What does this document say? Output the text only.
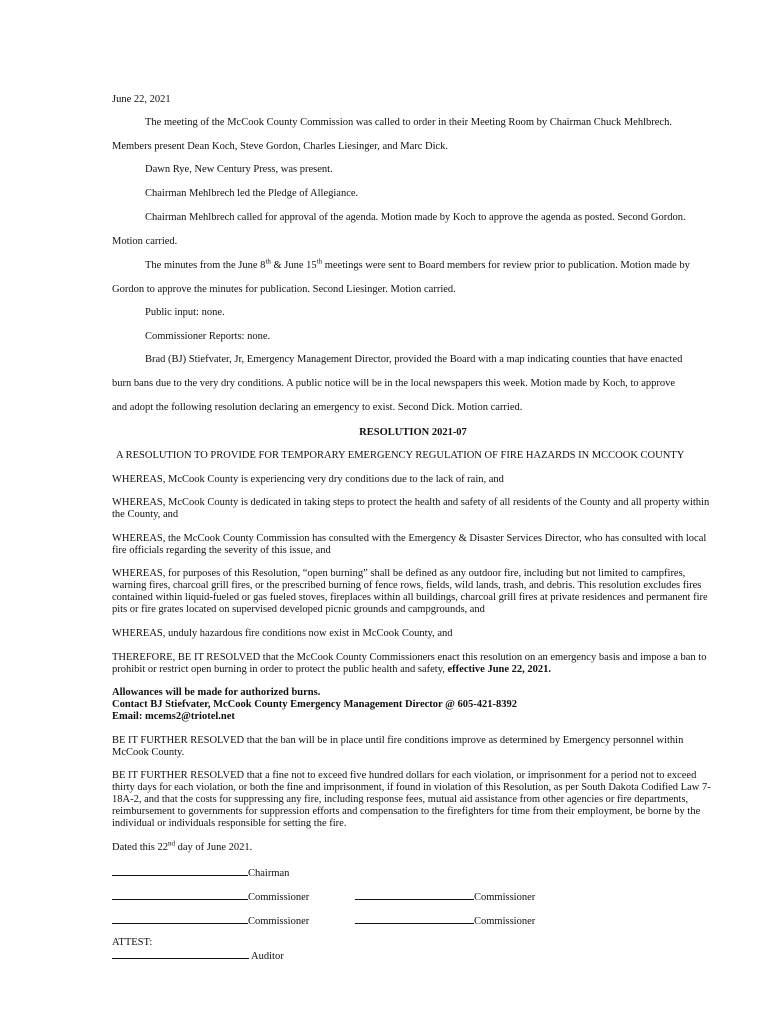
June 22, 2021
The meeting of the McCook County Commission was called to order in their Meeting Room by Chairman Chuck Mehlbrech.
Members present Dean Koch, Steve Gordon, Charles Liesinger, and Marc Dick.
Dawn Rye, New Century Press, was present.
Chairman Mehlbrech led the Pledge of Allegiance.
Chairman Mehlbrech called for approval of the agenda. Motion made by Koch to approve the agenda as posted. Second Gordon.
Motion carried.
The minutes from the June 8th & June 15th meetings were sent to Board members for review prior to publication. Motion made by
Gordon to approve the minutes for publication. Second Liesinger. Motion carried.
Public input: none.
Commissioner Reports: none.
Brad (BJ) Stiefvater, Jr, Emergency Management Director, provided the Board with a map indicating counties that have enacted
burn bans due to the very dry conditions. A public notice will be in the local newspapers this week. Motion made by Koch, to approve
and adopt the following resolution declaring an emergency to exist. Second Dick. Motion carried.
RESOLUTION 2021-07
A RESOLUTION TO PROVIDE FOR TEMPORARY EMERGENCY REGULATION OF FIRE HAZARDS IN MCCOOK COUNTY
WHEREAS, McCook County is experiencing very dry conditions due to the lack of rain, and
WHEREAS, McCook County is dedicated in taking steps to protect the health and safety of all residents of the County and all property within the County, and
WHEREAS, the McCook County Commission has consulted with the Emergency & Disaster Services Director, who has consulted with local fire officials regarding the severity of this issue, and
WHEREAS, for purposes of this Resolution, “open burning” shall be defined as any outdoor fire, including but not limited to campfires, warning fires, charcoal grill fires, or the prescribed burning of fence rows, fields, wild lands, trash, and debris. This resolution excludes fires contained within liquid-fueled or gas fueled stoves, fireplaces within all buildings, charcoal grill fires at private residences and permanent fire pits or fire grates located on supervised developed picnic grounds and campgrounds, and
WHEREAS, unduly hazardous fire conditions now exist in McCook County, and
THEREFORE, BE IT RESOLVED that the McCook County Commissioners enact this resolution on an emergency basis and impose a ban to prohibit or restrict open burning in order to protect the public health and safety, effective June 22, 2021.
Allowances will be made for authorized burns.
Contact BJ Stiefvater, McCook County Emergency Management Director @ 605-421-8392
Email: mcems2@triotel.net
BE IT FURTHER RESOLVED that the ban will be in place until fire conditions improve as determined by Emergency personnel within McCook County.
BE IT FURTHER RESOLVED that a fine not to exceed five hundred dollars for each violation, or imprisonment for a period not to exceed thirty days for each violation, or both the fine and imprisonment, if found in violation of this Resolution, as per South Dakota Codified Law 7-18A-2, and that the costs for suppressing any fire, including response fees, mutual aid assistance from other agencies or fire departments, reimbursement to governments for suppression efforts and compensation to the firefighters for time from their employment, be borne by the individual or individuals responsible for setting the fire.
Dated this 22nd day of June 2021.
Chairman
Commissioner	Commissioner
Commissioner	Commissioner
ATTEST:
Auditor
